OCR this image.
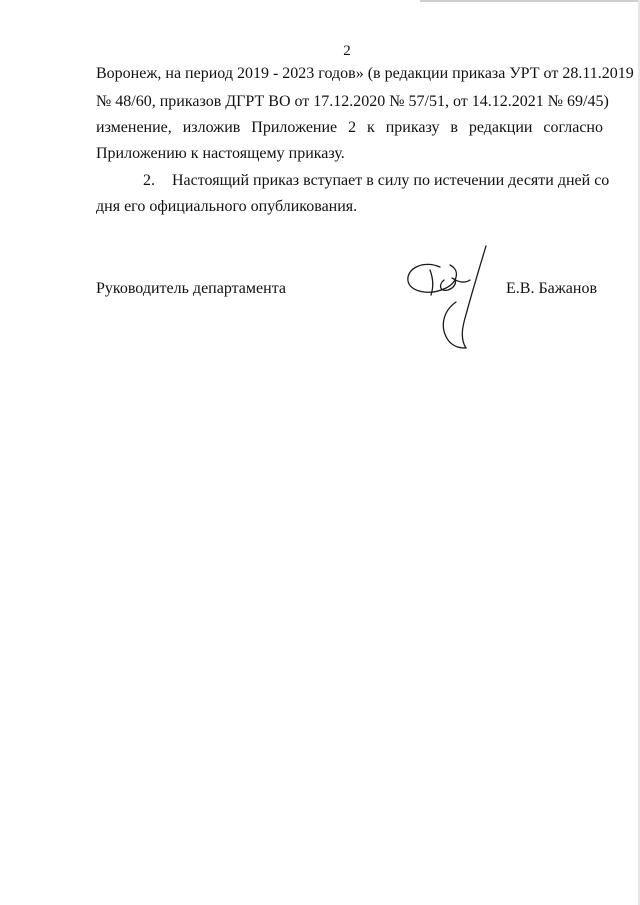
2
Воронеж, на период 2019 - 2023 годов» (в редакции приказа УРТ от 28.11.2019
№ 48/60, приказов ДГРТ ВО от 17.12.2020 № 57/51, от 14.12.2021 № 69/45)
изменение, изложив Приложение 2 к приказу в редакции согласно
Приложению к настоящему приказу.
2. Настоящий приказ вступает в силу по истечении десяти дней со
дня его официального опубликования.
Руководитель департамента	Е.В. Бажанов
